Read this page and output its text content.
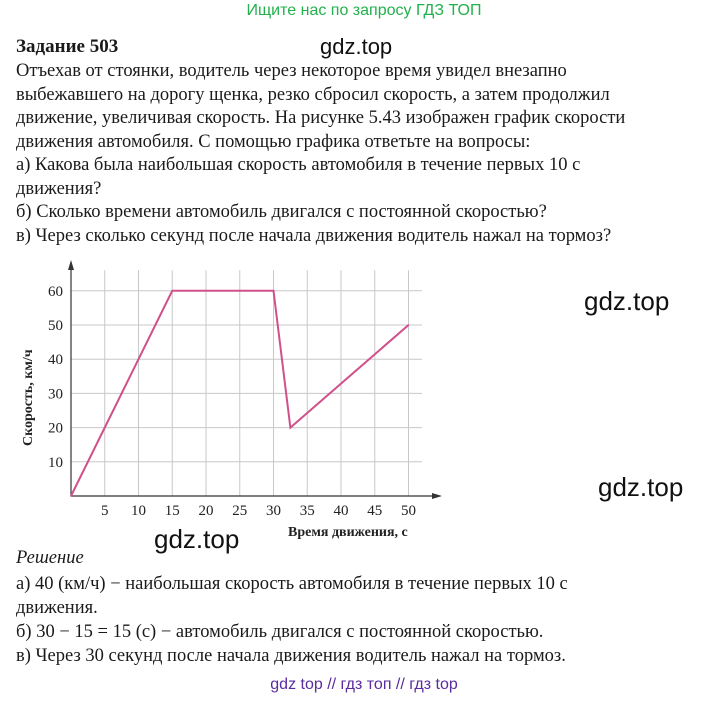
Ищите нас по запросу ГДЗ ТОП
Задание 503	gdz.top
Отъехав от стоянки, водитель через некоторое время увидел внезапно
выбежавшего на дорогу щенка, резко сбросил скорость, а затем продолжил
движение, увеличивая скорость. На рисунке 5.43 изображен график скорости
движения автомобиля. С помощью графика ответьте на вопросы:
а) Какова была наибольшая скорость автомобиля в течение первых 10 с
движения?
б) Сколько времени автомобиль двигался с постоянной скоростью?
в) Через сколько секунд после начала движения водитель нажал на тормоз?
5 10 15 20 25 30 35 40 45 50
10
20
30
40
50
60
Скорость, км/ч
Время движения, с
gdz.top
gdz.top
gdz.top
Решение
а) 40 (км/ч) − наибольшая скорость автомобиля в течение первых 10 с
движения.
б) 30 − 15 = 15 (с) − автомобиль двигался с постоянной скоростью.
в) Через 30 секунд после начала движения водитель нажал на тормоз.
gdz top // гдз топ // гдз top
